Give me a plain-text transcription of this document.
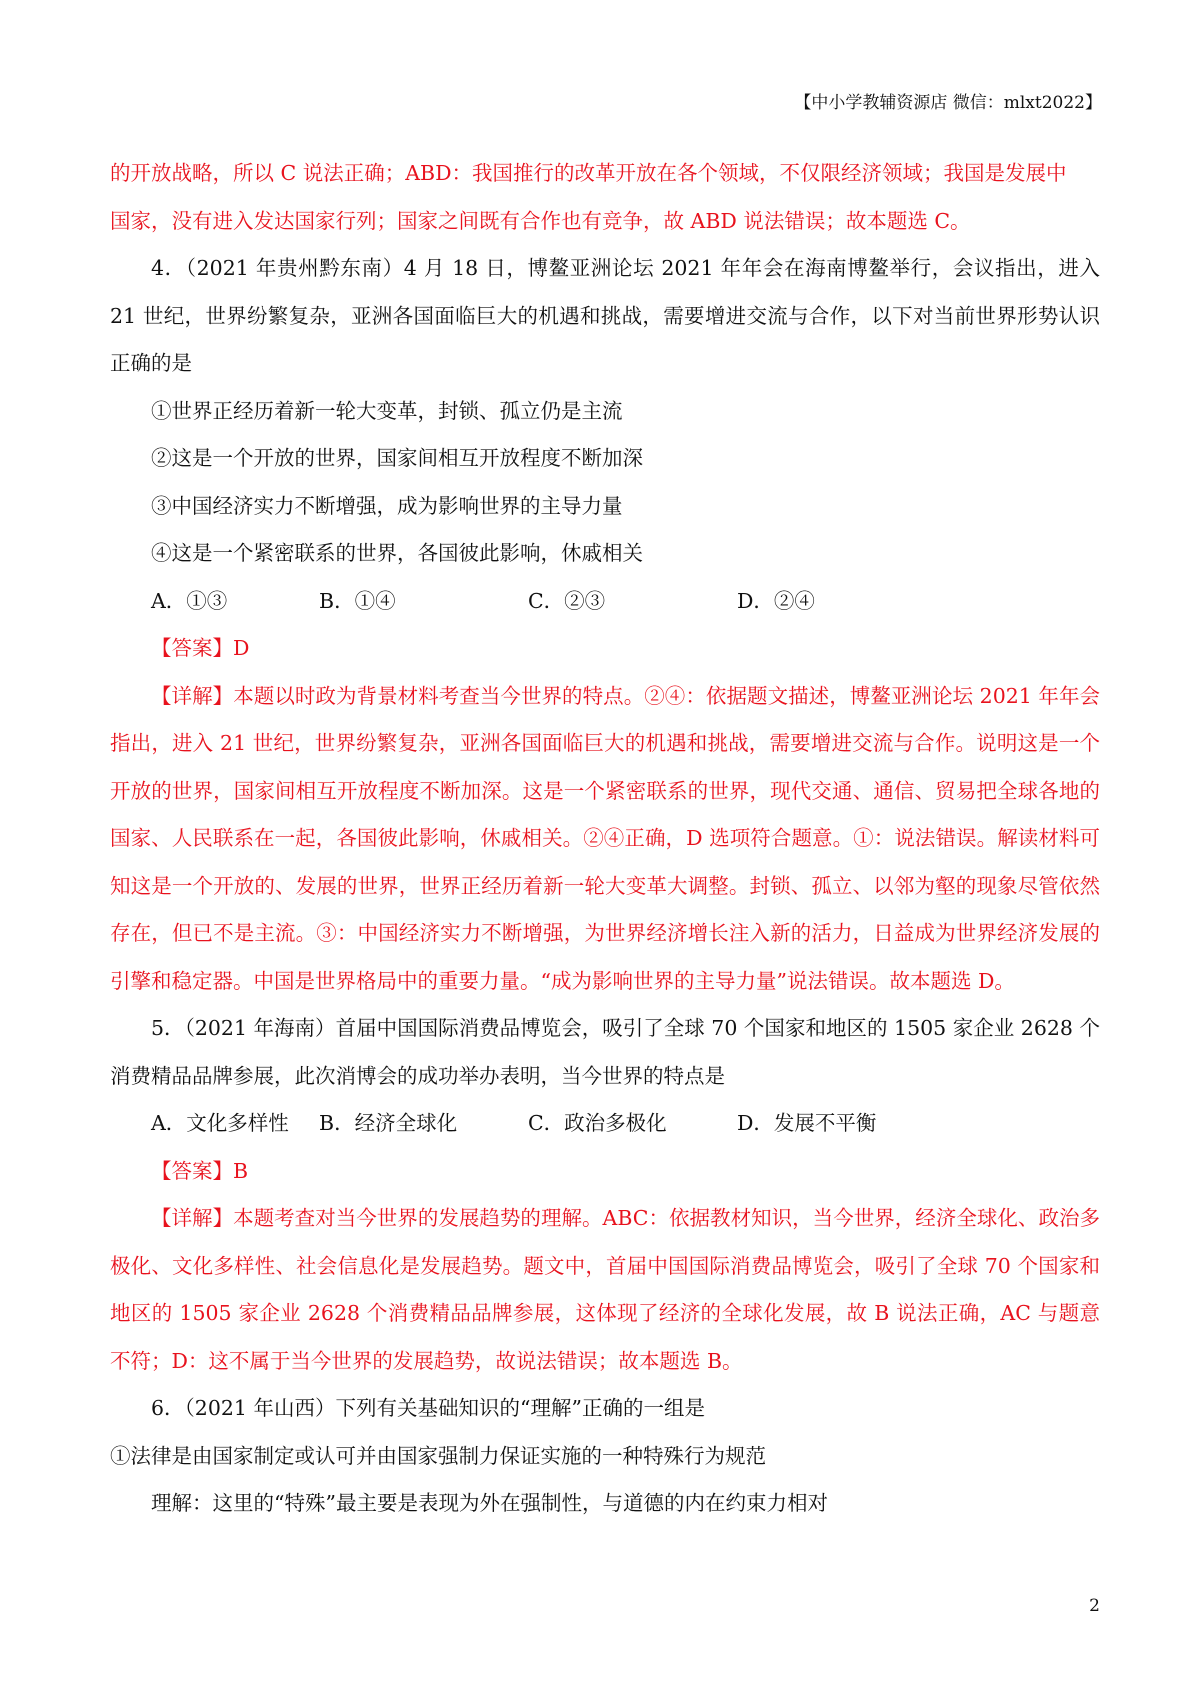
【中小学教辅资源店 微信：mlxt2022】

的开放战略，所以 C 说法正确；ABD：我国推行的改革开放在各个领域，不仅限经济领域；我国是发展中

国家，没有进入发达国家行列；国家之间既有合作也有竞争，故 ABD 说法错误；故本题选 C。

4．（2021 年贵州黔东南）4 月 18 日，博鳌亚洲论坛 2021 年年会在海南博鳌举行，会议指出，进入 21 世纪，世界纷繁复杂，亚洲各国面临巨大的机遇和挑战，需要增进交流与合作，以下对当前世界形势认识正确的是

①世界正经历着新一轮大变革，封锁、孤立仍是主流

②这是一个开放的世界，国家间相互开放程度不断加深

③中国经济实力不断增强，成为影响世界的主导力量

④这是一个紧密联系的世界，各国彼此影响，休戚相关

A．①③	B．①④	C．②③	D．②④

【答案】D

【详解】本题以时政为背景材料考查当今世界的特点。②④：依据题文描述，博鳌亚洲论坛 2021 年年会指出，进入 21 世纪，世界纷繁复杂，亚洲各国面临巨大的机遇和挑战，需要增进交流与合作。说明这是一个开放的世界，国家间相互开放程度不断加深。这是一个紧密联系的世界，现代交通、通信、贸易把全球各地的国家、人民联系在一起，各国彼此影响，休戚相关。②④正确，D 选项符合题意。①：说法错误。解读材料可知这是一个开放的、发展的世界，世界正经历着新一轮大变革大调整。封锁、孤立、以邻为壑的现象尽管依然存在，但已不是主流。③：中国经济实力不断增强，为世界经济增长注入新的活力，日益成为世界经济发展的引擎和稳定器。中国是世界格局中的重要力量。“成为影响世界的主导力量”说法错误。故本题选 D。

5．（2021 年海南）首届中国国际消费品博览会，吸引了全球 70 个国家和地区的 1505 家企业 2628 个消费精品品牌参展，此次消博会的成功举办表明，当今世界的特点是

A．文化多样性	B．经济全球化	C．政治多极化	D．发展不平衡

【答案】B

【详解】本题考查对当今世界的发展趋势的理解。ABC：依据教材知识，当今世界，经济全球化、政治多极化、文化多样性、社会信息化是发展趋势。题文中，首届中国国际消费品博览会，吸引了全球 70 个国家和地区的 1505 家企业 2628 个消费精品品牌参展，这体现了经济的全球化发展，故 B 说法正确，AC 与题意不符；D：这不属于当今世界的发展趋势，故说法错误；故本题选 B。

6．（2021 年山西）下列有关基础知识的“理解”正确的一组是

①法律是由国家制定或认可并由国家强制力保证实施的一种特殊行为规范

理解：这里的“特殊”最主要是表现为外在强制性，与道德的内在约束力相对

2
